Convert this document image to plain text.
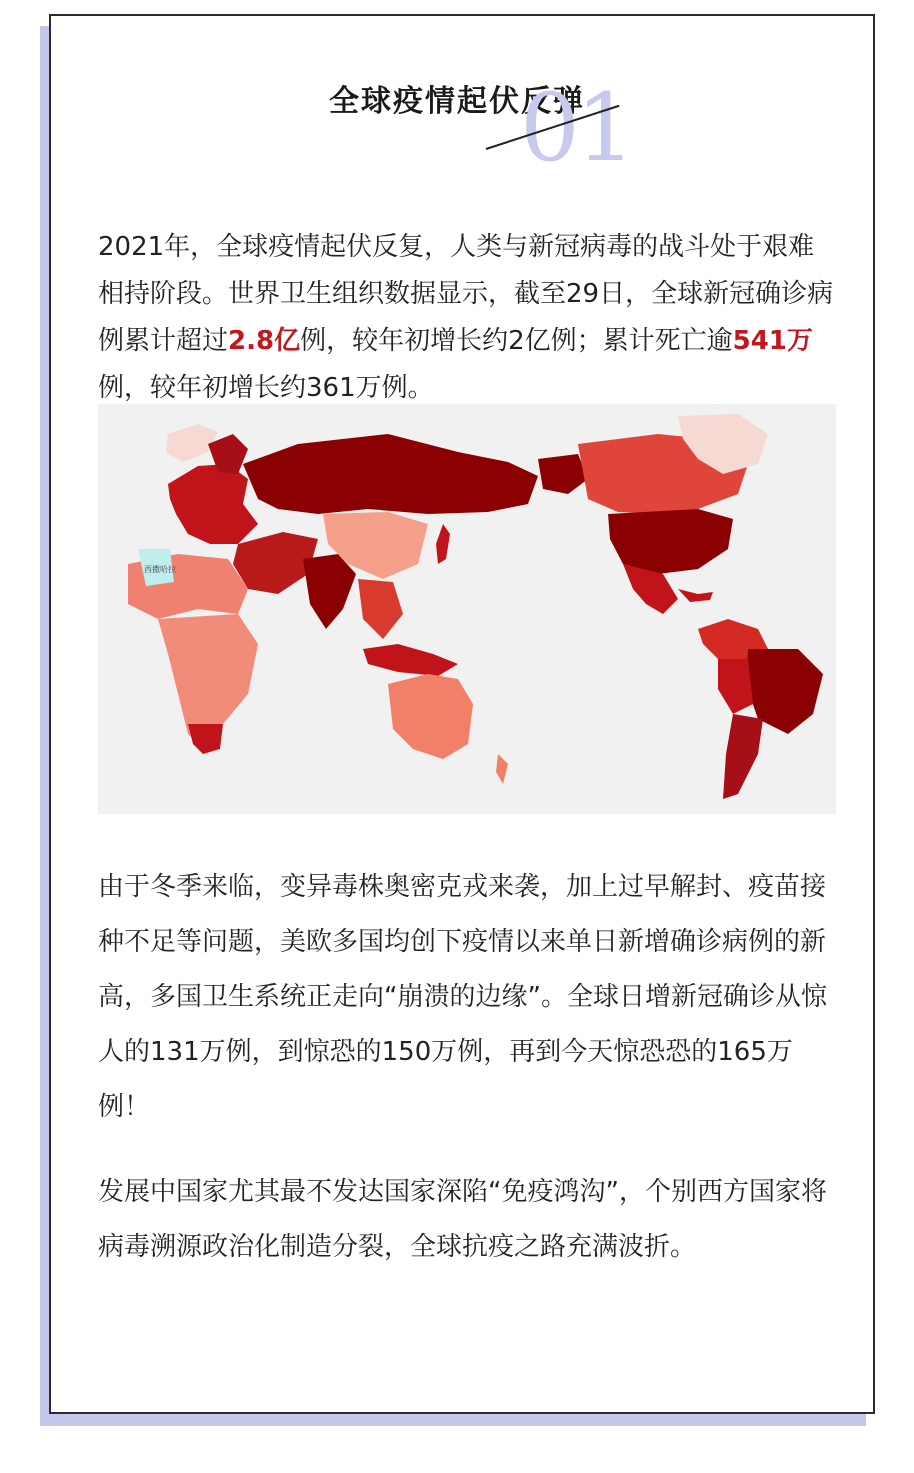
全球疫情起伏反弹
01

2021年，全球疫情起伏反复，人类与新冠病毒的战斗处于艰难相持阶段。世界卫生组织数据显示，截至29日，全球新冠确诊病例累计超过2.8亿例，较年初增长约2亿例；累计死亡逾541万例，较年初增长约361万例。

西撒哈拉

由于冬季来临，变异毒株奥密克戎来袭，加上过早解封、疫苗接种不足等问题，美欧多国均创下疫情以来单日新增确诊病例的新高，多国卫生系统正走向“崩溃的边缘”。全球日增新冠确诊从惊人的131万例，到惊恐的150万例，再到今天惊恐恐的165万例！

发展中国家尤其最不发达国家深陷“免疫鸿沟”，个别西方国家将病毒溯源政治化制造分裂，全球抗疫之路充满波折。
